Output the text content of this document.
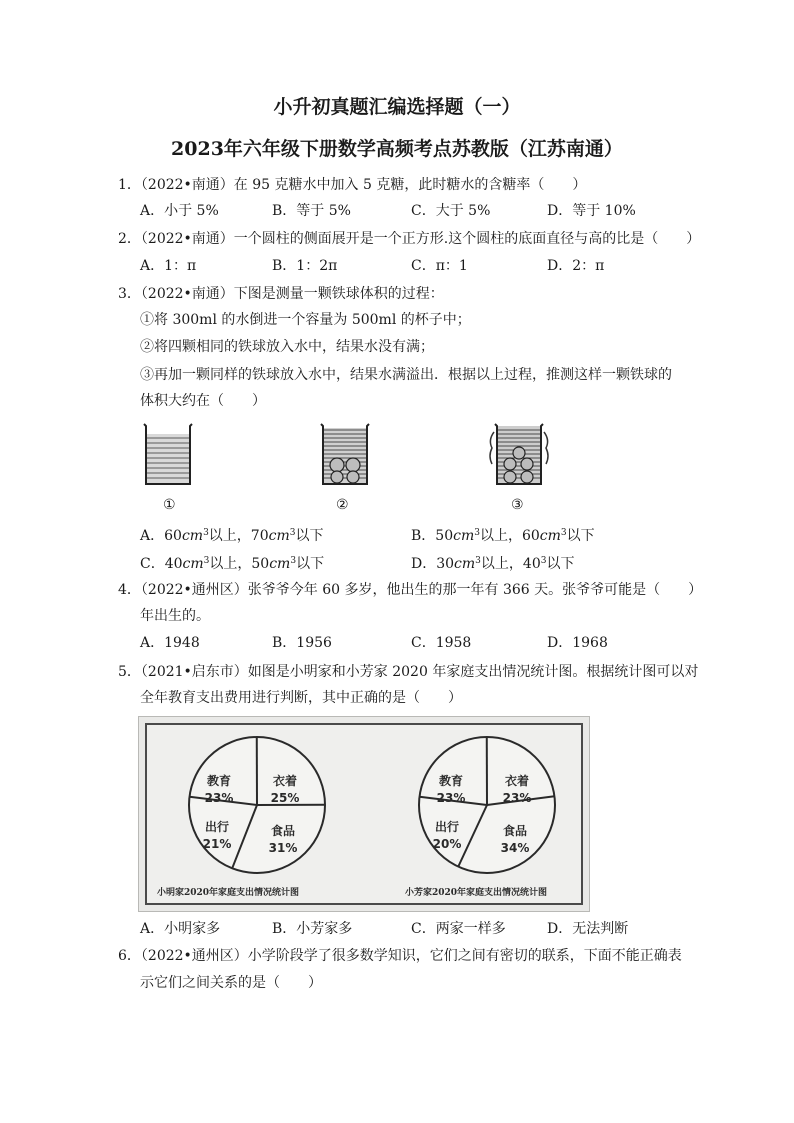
小升初真题汇编选择题（一）
2023年六年级下册数学高频考点苏教版（江苏南通）
1．（2022•南通）在 95 克糖水中加入 5 克糖，此时糖水的含糖率（　　）
A．小于 5%	B．等于 5%	C．大于 5%	D．等于 10%
2．（2022•南通）一个圆柱的侧面展开是一个正方形.这个圆柱的底面直径与高的比是（　　）
A．1：π	B．1：2π	C．π：1	D．2：π
3．（2022•南通）下图是测量一颗铁球体积的过程：
①将 300ml 的水倒进一个容量为 500ml 的杯子中；
②将四颗相同的铁球放入水中，结果水没有满；
③再加一颗同样的铁球放入水中，结果水满溢出．根据以上过程，推测这样一颗铁球的
体积大约在（　　）
①	②	③
A．$60cm^3$以上，$70cm^3$以下	B．$50cm^3$以上，$60cm^3$以下
C．$40cm^3$以上，$50cm^3$以下	D．$30cm^3$以上，$40^3$以下
4．（2022•通州区）张爷爷今年 60 多岁，他出生的那一年有 366 天。张爷爷可能是（　　）
年出生的。
A．1948	B．1956	C．1958	D．1968
5．（2021•启东市）如图是小明家和小芳家 2020 年家庭支出情况统计图。根据统计图可以对
全年教育支出费用进行判断，其中正确的是（　　）
教育
23%
衣着
25%
食品
31%
出行
21%
教育
23%
衣着
23%
食品
34%
出行
20%
小明家2020年家庭支出情况统计图	小芳家2020年家庭支出情况统计图
A．小明家多	B．小芳家多	C．两家一样多	D．无法判断
6．（2022•通州区）小学阶段学了很多数学知识，它们之间有密切的联系，下面不能正确表
示它们之间关系的是（　　）
